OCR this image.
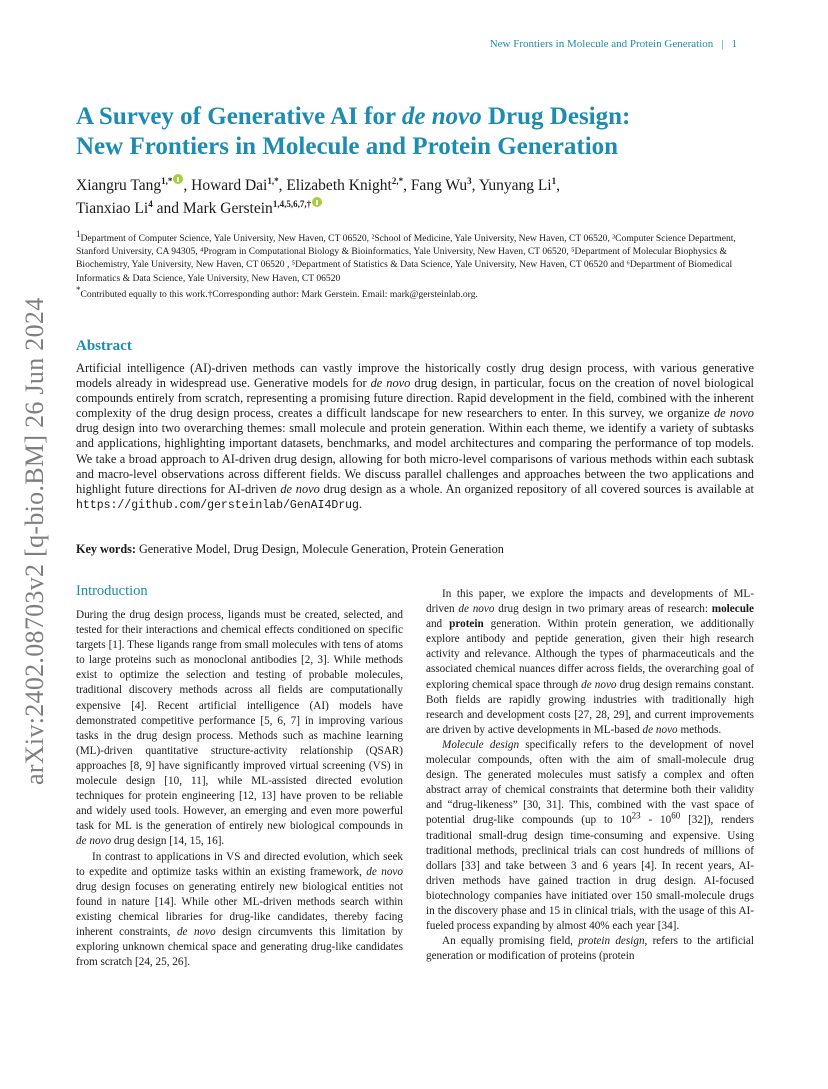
New Frontiers in Molecule and Protein Generation | 1
arXiv:2402.08703v2 [q-bio.BM] 26 Jun 2024
A Survey of Generative AI for de novo Drug Design:
New Frontiers in Molecule and Protein Generation
Xiangru Tang$^{1,*}$ , Howard Dai$^{1,*}$, Elizabeth Knight$^{2,*}$, Fang Wu$^3$, Yunyang Li$^1$,
Tianxiao Li$^4$ and Mark Gerstein$^{1,4,5,6,7,\dagger}$

$^1$Department of Computer Science, Yale University, New Haven, CT 06520, ²School of Medicine, Yale University, New Haven, CT 06520, ³Computer Science Department, Stanford University, CA 94305, ⁴Program in Computational Biology & Bioinformatics, Yale University, New Haven, CT 06520, ⁵Department of Molecular Biophysics & Biochemistry, Yale University, New Haven, CT 06520 , ⁵Department of Statistics & Data Science, Yale University, New Haven, CT 06520 and ⁶Department of Biomedical Informatics & Data Science, Yale University, New Haven, CT 06520

*Contributed equally to this work.†Corresponding author: Mark Gerstein. Email: mark@gersteinlab.org.

Abstract

Artificial intelligence (AI)-driven methods can vastly improve the historically costly drug design process, with various generative models already in widespread use. Generative models for de novo drug design, in particular, focus on the creation of novel biological compounds entirely from scratch, representing a promising future direction. Rapid development in the field, combined with the inherent complexity of the drug design process, creates a difficult landscape for new researchers to enter. In this survey, we organize de novo drug design into two overarching themes: small molecule and protein generation. Within each theme, we identify a variety of subtasks and applications, highlighting important datasets, benchmarks, and model architectures and comparing the performance of top models. We take a broad approach to AI-driven drug design, allowing for both micro-level comparisons of various methods within each subtask and macro-level observations across different fields. We discuss parallel challenges and approaches between the two applications and highlight future directions for AI-driven de novo drug design as a whole. An organized repository of all covered sources is available at https://github.com/gersteinlab/GenAI4Drug.

Key words: Generative Model, Drug Design, Molecule Generation, Protein Generation
Introduction

During the drug design process, ligands must be created, selected, and tested for their interactions and chemical effects conditioned on specific targets [1]. These ligands range from small molecules with tens of atoms to large proteins such as monoclonal antibodies [2, 3]. While methods exist to optimize the selection and testing of probable molecules, traditional discovery methods across all fields are computationally expensive [4]. Recent artificial intelligence (AI) models have demonstrated competitive performance [5, 6, 7] in improving various tasks in the drug design process. Methods such as machine learning (ML)-driven quantitative structure-activity relationship (QSAR) approaches [8, 9] have significantly improved virtual screening (VS) in molecule design [10, 11], while ML-assisted directed evolution techniques for protein engineering [12, 13] have proven to be reliable and widely used tools. However, an emerging and even more powerful task for ML is the generation of entirely new biological compounds in de novo drug design [14, 15, 16].

In contrast to applications in VS and directed evolution, which seek to expedite and optimize tasks within an existing framework, de novo drug design focuses on generating entirely new biological entities not found in nature [14]. While other ML-driven methods search within existing chemical libraries for drug-like candidates, thereby facing inherent constraints, de novo design circumvents this limitation by exploring unknown chemical space and generating drug-like candidates from scratch [24, 25, 26].

In this paper, we explore the impacts and developments of ML-driven de novo drug design in two primary areas of research: molecule and protein generation. Within protein generation, we additionally explore antibody and peptide generation, given their high research activity and relevance. Although the types of pharmaceuticals and the associated chemical nuances differ across fields, the overarching goal of exploring chemical space through de novo drug design remains constant. Both fields are rapidly growing industries with traditionally high research and development costs [27, 28, 29], and current improvements are driven by active developments in ML-based de novo methods.

Molecule design specifically refers to the development of novel molecular compounds, often with the aim of small-molecule drug design. The generated molecules must satisfy a complex and often abstract array of chemical constraints that determine both their validity and “drug-likeness” [30, 31]. This, combined with the vast space of potential drug-like compounds (up to $10^{23} - 10^{60}$ [32]), renders traditional small-drug design time-consuming and expensive. Using traditional methods, preclinical trials can cost hundreds of millions of dollars [33] and take between 3 and 6 years [4]. In recent years, AI-driven methods have gained traction in drug design. AI-focused biotechnology companies have initiated over 150 small-molecule drugs in the discovery phase and 15 in clinical trials, with the usage of this AI-fueled process expanding by almost 40% each year [34].

An equally promising field, protein design, refers to the artificial generation or modification of proteins (protein
